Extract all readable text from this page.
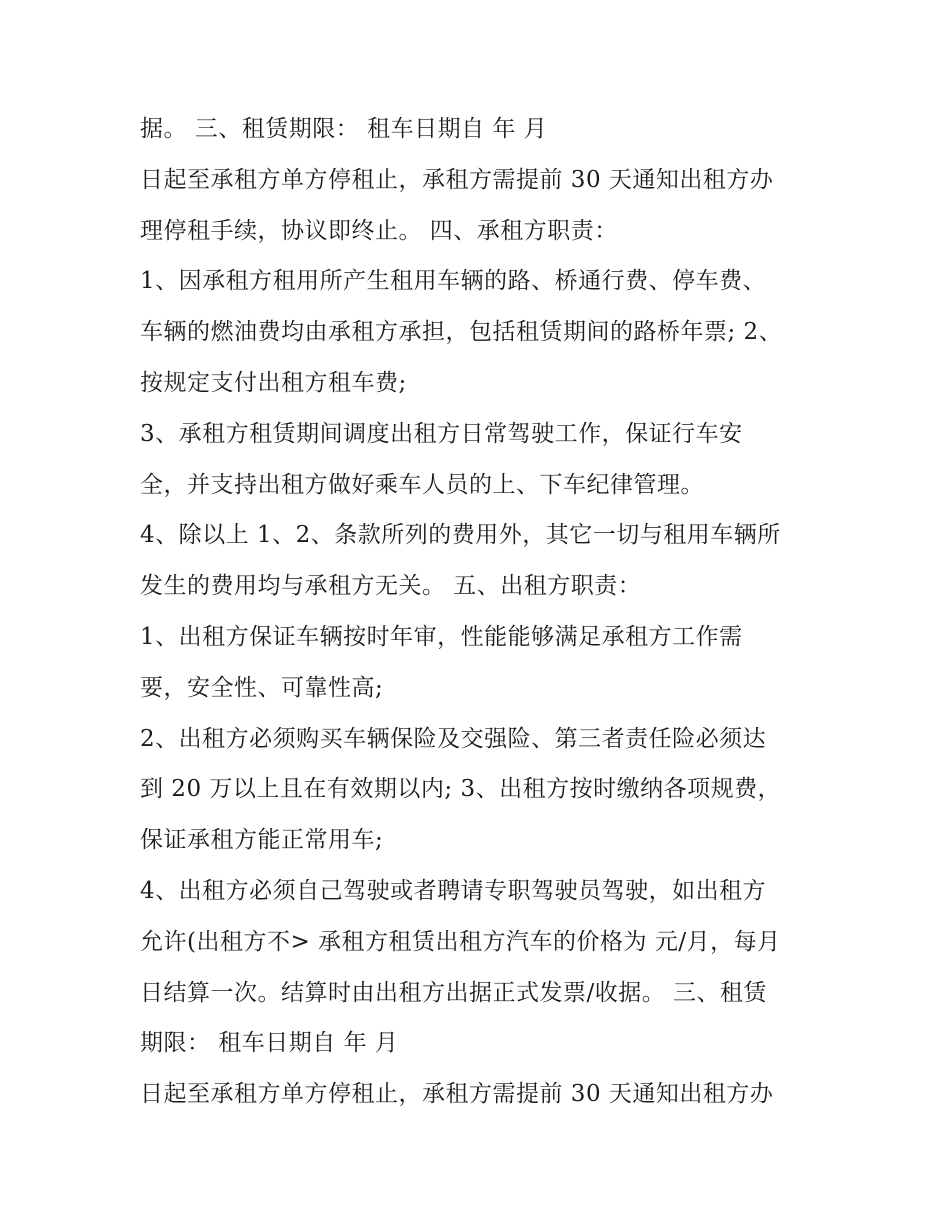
据。 三、租赁期限： 租车日期自 年 月
日起至承租方单方停租止，承租方需提前 30 天通知出租方办
理停租手续，协议即终止。 四、承租方职责：
1、因承租方租用所产生租用车辆的路、桥通行费、停车费、
车辆的燃油费均由承租方承担，包括租赁期间的路桥年票; 2、
按规定支付出租方租车费;
3、承租方租赁期间调度出租方日常驾驶工作，保证行车安
全，并支持出租方做好乘车人员的上、下车纪律管理。
4、除以上 1、2、条款所列的费用外，其它一切与租用车辆所
发生的费用均与承租方无关。 五、出租方职责：
1、出租方保证车辆按时年审，性能能够满足承租方工作需
要，安全性、可靠性高;
2、出租方必须购买车辆保险及交强险、第三者责任险必须达
到 20 万以上且在有效期以内; 3、出租方按时缴纳各项规费，
保证承租方能正常用车;
4、出租方必须自己驾驶或者聘请专职驾驶员驾驶，如出租方
允许(出租方不> 承租方租赁出租方汽车的价格为 元/月，每月
日结算一次。结算时由出租方出据正式发票/收据。 三、租赁
期限： 租车日期自 年 月
日起至承租方单方停租止，承租方需提前 30 天通知出租方办
